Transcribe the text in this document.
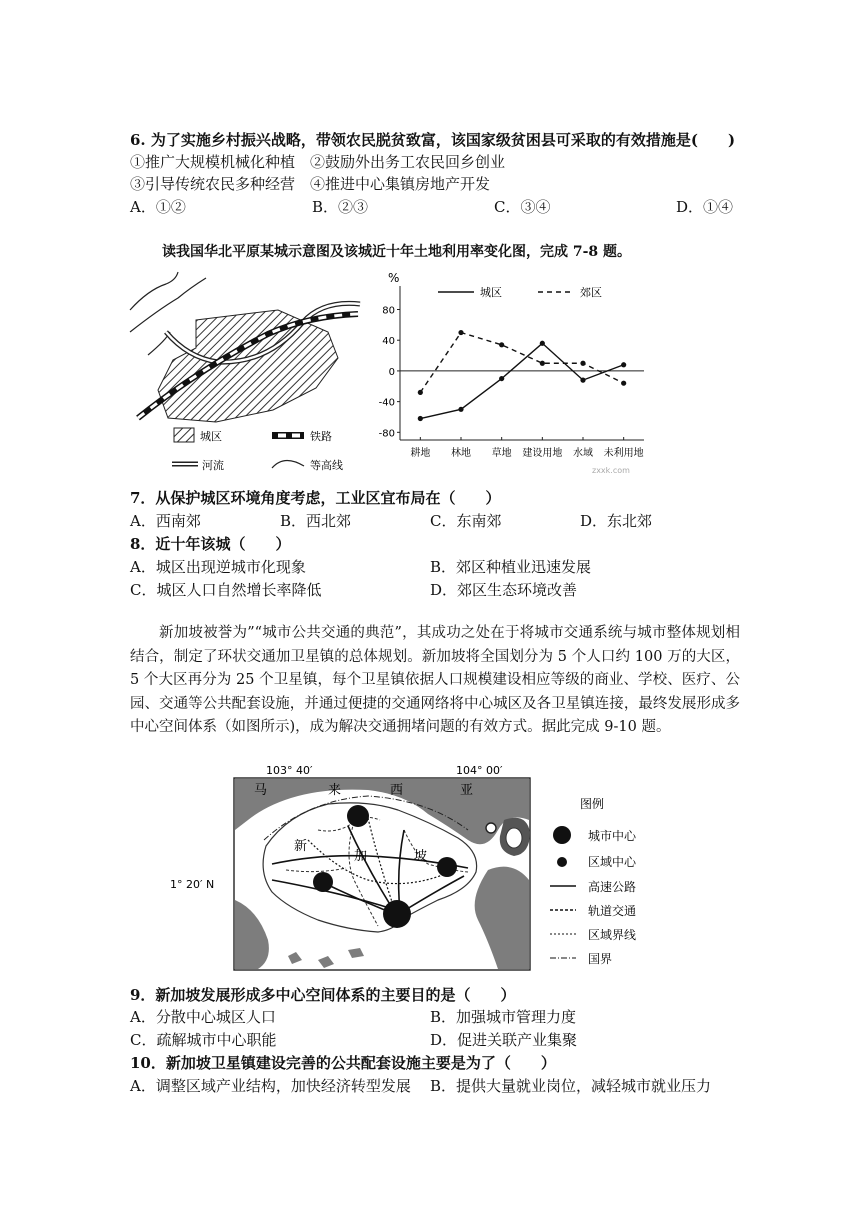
6. 为了实施乡村振兴战略，带领农民脱贫致富，该国家级贫困县可采取的有效措施是(　　)
①推广大规模机械化种植　②鼓励外出务工农民回乡创业
③引导传统农民多种经营　④推进中心集镇房地产开发
A．①②	B．②③	C．③④	D．①④
读我国华北平原某城示意图及该城近十年土地利用率变化图，完成 7-8 题。
城区	铁路
河流	等高线
%
城区	郊区
80
40
0
-40
-80
耕地 林地 草地 建设用地 水域 未利用地
zxxk.com
7．从保护城区环境角度考虑，工业区宜布局在（　　）
A．西南郊	B．西北郊	C．东南郊	D．东北郊
8．近十年该城（　　）
A．城区出现逆城市化现象	B．郊区种植业迅速发展
C．城区人口自然增长率降低	D．郊区生态环境改善
新加坡被誉为”“城市公共交通的典范”，其成功之处在于将城市交通系统与城市整体规划相结合，制定了环状交通加卫星镇的总体规划。新加坡将全国划分为 5 个人口约 100 万的大区，5 个大区再分为 25 个卫星镇，每个卫星镇依据人口规模建设相应等级的商业、学校、医疗、公园、交通等公共配套设施，并通过便捷的交通网络将中心城区及各卫星镇连接，最终发展形成多中心空间体系（如图所示)，成为解决交通拥堵问题的有效方式。据此完成 9-10 题。
103° 40′	104° 00′
1° 20′ N
马	来	西	亚
新
加	坡
图例
城市中心
区域中心
高速公路
轨道交通
区域界线
国界
9．新加坡发展形成多中心空间体系的主要目的是（　　）
A．分散中心城区人口	B．加强城市管理力度
C．疏解城市中心职能	D．促进关联产业集聚
10．新加坡卫星镇建设完善的公共配套设施主要是为了（　　）
A．调整区域产业结构，加快经济转型发展 B．提供大量就业岗位，减轻城市就业压力
